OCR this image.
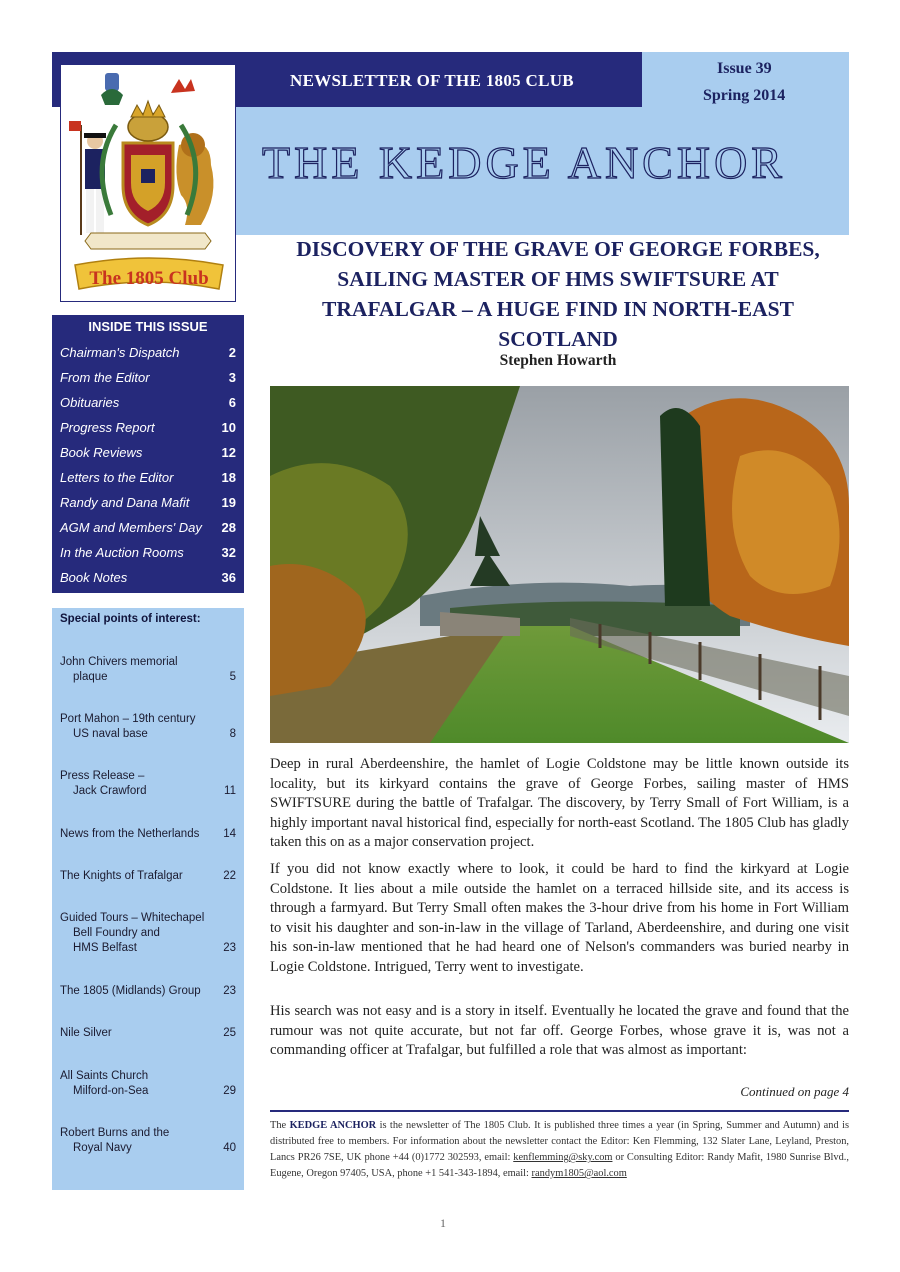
NEWSLETTER OF THE 1805 CLUB
Issue 39
Spring 2014
THE KEDGE ANCHOR
The 1805 Club
INSIDE THIS ISSUE
Chairman's Dispatch	2
From the Editor	3
Obituaries	6
Progress Report	10
Book Reviews	12
Letters to the Editor	18
Randy and Dana Mafit 19
AGM and Members' Day 28
In the Auction Rooms	32
Book Notes	36
Special points of interest:
John Chivers memorial
plaque	5
Port Mahon – 19th century
US naval base	8
Press Release –
Jack Crawford	11
News from the Netherlands	14
The Knights of Trafalgar	22
Guided Tours – Whitechapel
Bell Foundry and
HMS Belfast	23
The 1805 (Midlands) Group	23
Nile Silver	25
All Saints Church
Milford-on-Sea	29
Robert Burns and the
Royal Navy	40
DISCOVERY OF THE GRAVE OF GEORGE FORBES, SAILING MASTER OF HMS SWIFTSURE AT TRAFALGAR – A HUGE FIND IN NORTH-EAST SCOTLAND
Stephen Howarth
Deep in rural Aberdeenshire, the hamlet of Logie Coldstone may be little known outside its locality, but its kirkyard contains the grave of George Forbes, sailing master of HMS SWIFTSURE during the battle of Trafalgar. The discovery, by Terry Small of Fort William, is a highly important naval historical find, especially for north-east Scotland. The 1805 Club has gladly taken this on as a major conservation project.
If you did not know exactly where to look, it could be hard to find the kirkyard at Logie Coldstone. It lies about a mile outside the hamlet on a terraced hillside site, and its access is through a farmyard. But Terry Small often makes the 3-hour drive from his home in Fort William to visit his daughter and son-in-law in the village of Tarland, Aberdeenshire, and during one visit his son-in-law mentioned that he had heard one of Nelson's commanders was buried nearby in Logie Coldstone. Intrigued, Terry went to investigate.
His search was not easy and is a story in itself. Eventually he located the grave and found that the rumour was not quite accurate, but not far off. George Forbes, whose grave it is, was not a commanding officer at Trafalgar, but fulfilled a role that was almost as important:
Continued on page 4
The KEDGE ANCHOR is the newsletter of The 1805 Club. It is published three times a year (in Spring, Summer and Autumn) and is distributed free to members. For information about the newsletter contact the Editor: Ken Flemming, 132 Slater Lane, Leyland, Preston, Lancs PR26 7SE, UK phone +44 (0)1772 302593, email: kenflemming@sky.com or Consulting Editor: Randy Mafit, 1980 Sunrise Blvd., Eugene, Oregon 97405, USA, phone +1 541-343-1894, email: randym1805@aol.com
1
